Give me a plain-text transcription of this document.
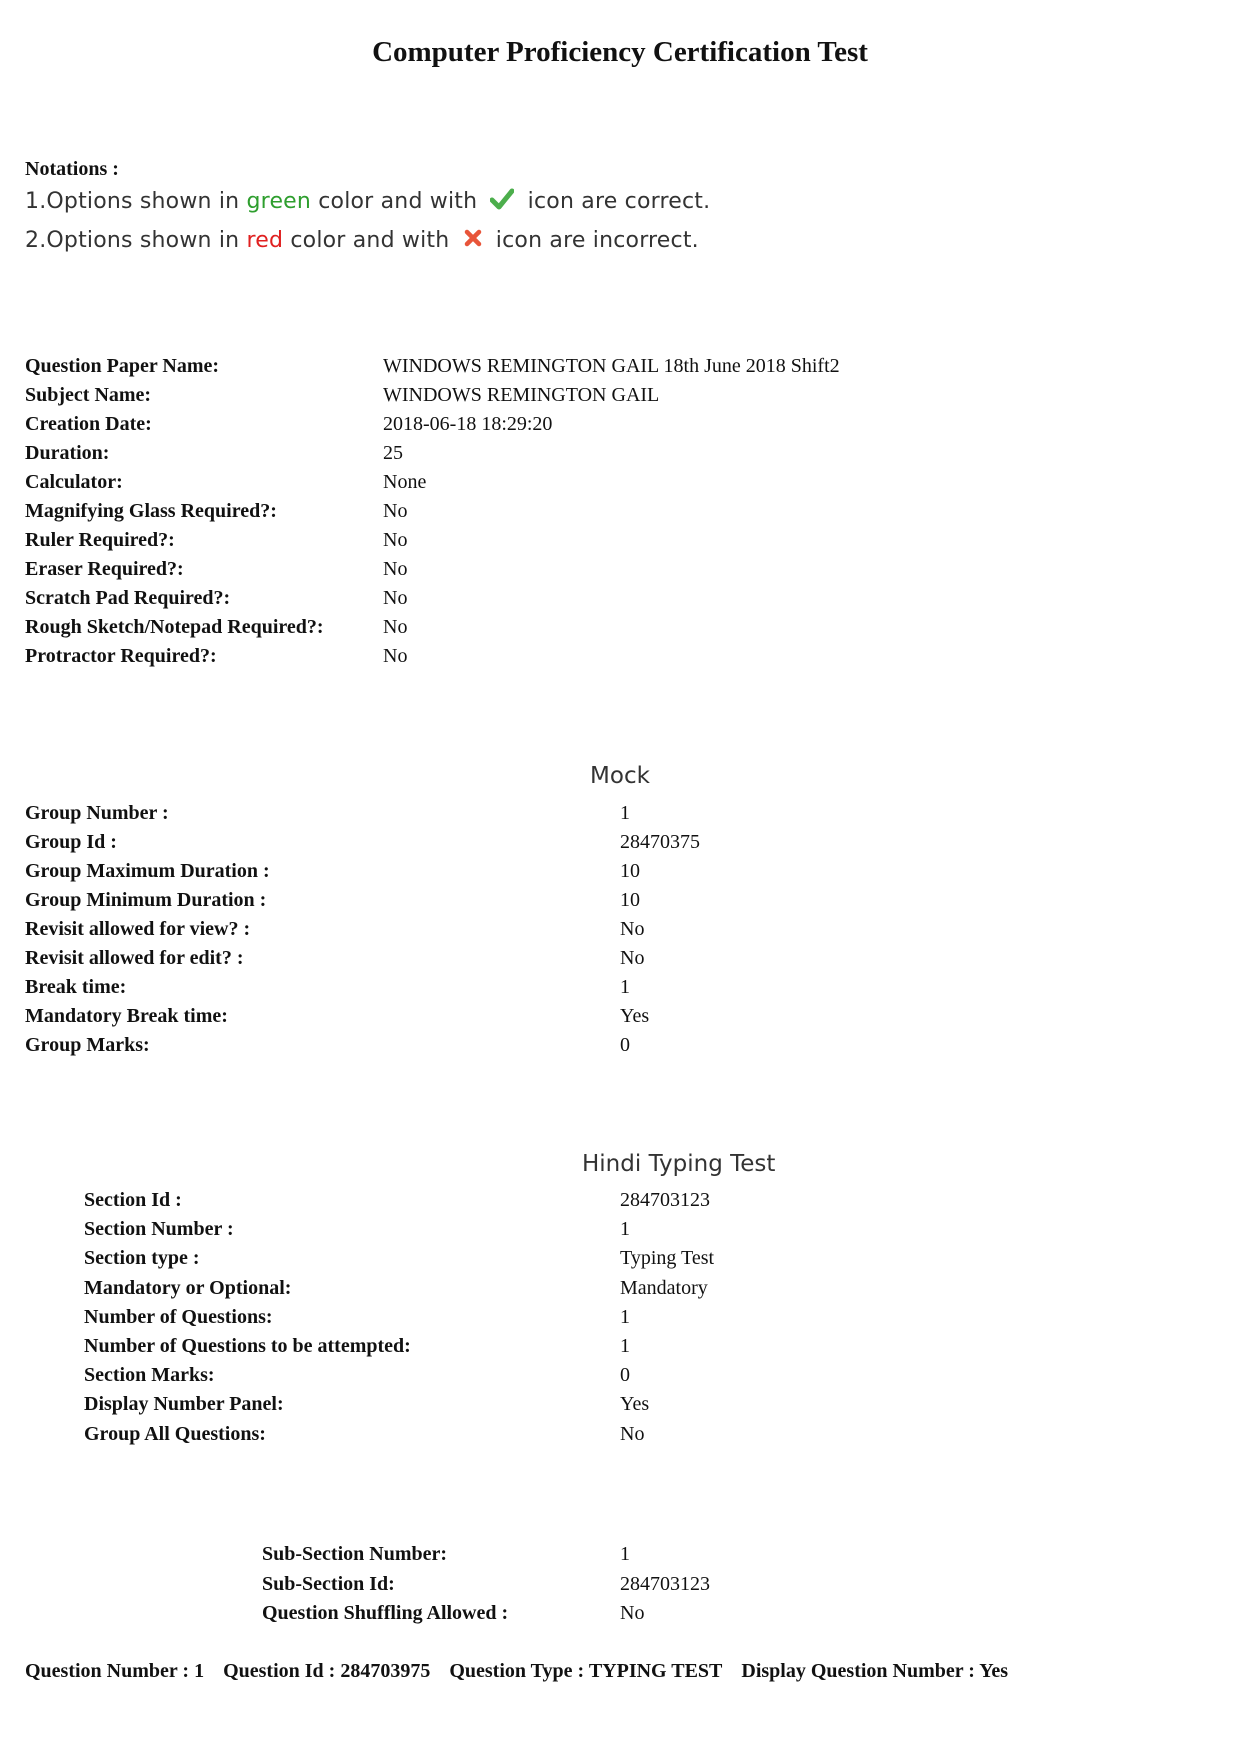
Computer Proficiency Certification Test
Notations :
1.Options shown in green color and with  icon are correct.
2.Options shown in red color and with  icon are incorrect.
Question Paper Name:	WINDOWS REMINGTON GAIL 18th June 2018 Shift2
Subject Name:	WINDOWS REMINGTON GAIL
Creation Date:	2018-06-18 18:29:20
Duration:	25
Calculator:	None
Magnifying Glass Required?:	No
Ruler Required?:	No
Eraser Required?:	No
Scratch Pad Required?:	No
Rough Sketch/Notepad Required?:	No
Protractor Required?:	No
Mock
Group Number :	1
Group Id :	28470375
Group Maximum Duration :	10
Group Minimum Duration :	10
Revisit allowed for view? :	No
Revisit allowed for edit? :	No
Break time:	1
Mandatory Break time:	Yes
Group Marks:	0
Hindi Typing Test
Section Id :	284703123
Section Number :	1
Section type :	Typing Test
Mandatory or Optional:	Mandatory
Number of Questions:	1
Number of Questions to be attempted:	1
Section Marks:	0
Display Number Panel:	Yes
Group All Questions:	No
Sub-Section Number:	1
Sub-Section Id:	284703123
Question Shuffling Allowed :	No
Question Number : 1 Question Id : 284703975 Question Type : TYPING TEST Display Question Number : Yes
